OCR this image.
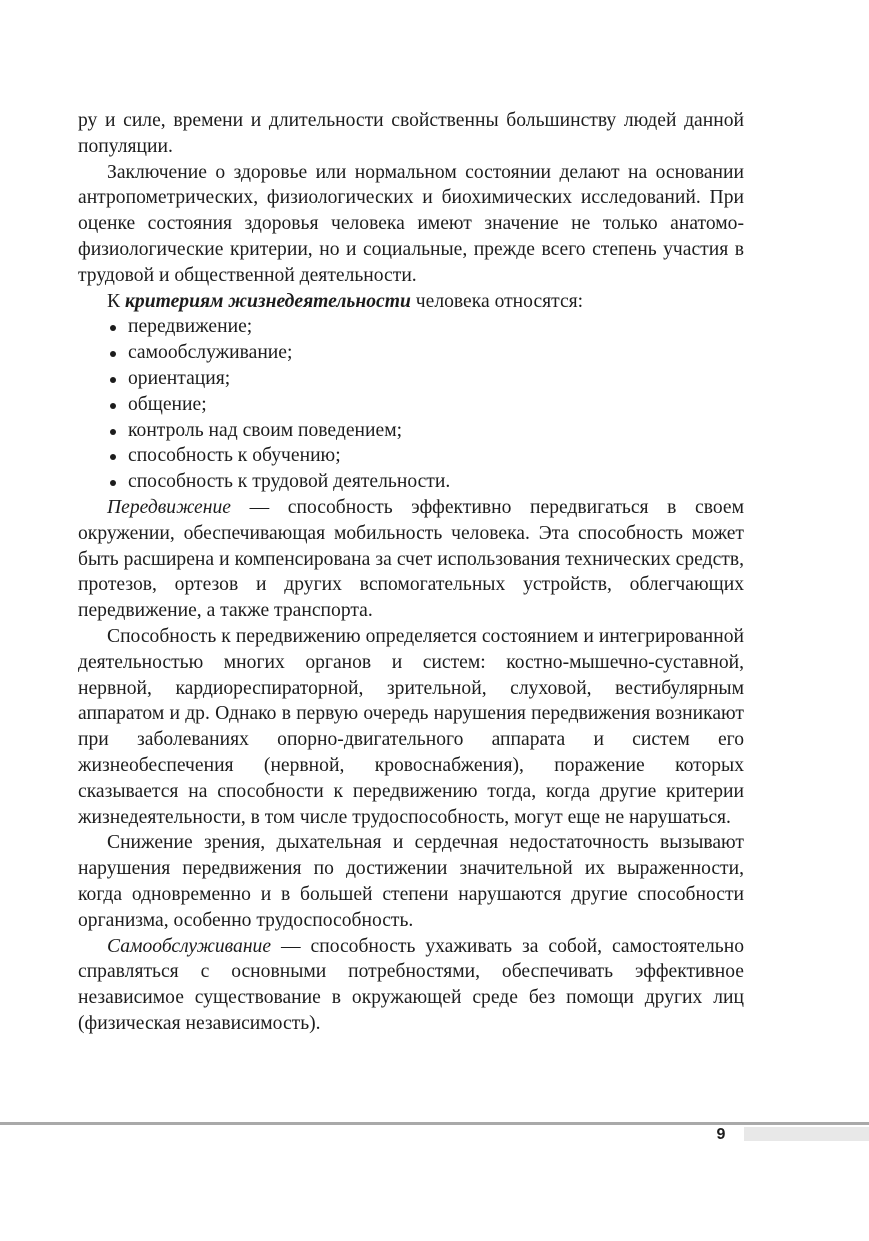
ру и силе, времени и длительности свойственны большинству людей данной популяции.

Заключение о здоровье или нормальном состоянии делают на основании антропометрических, физиологических и биохимических исследований. При оценке состояния здоровья человека имеют значение не только анатомо-физиологические критерии, но и социальные, прежде всего степень участия в трудовой и общественной деятельности.

К критериям жизнедеятельности человека относятся:

передвижение;
самообслуживание;
ориентация;
общение;
контроль над своим поведением;
способность к обучению;
способность к трудовой деятельности.

Передвижение — способность эффективно передвигаться в своем окружении, обеспечивающая мобильность человека. Эта способность может быть расширена и компенсирована за счет использования технических средств, протезов, ортезов и других вспомогательных устройств, облегчающих передвижение, а также транспорта.

Способность к передвижению определяется состоянием и интегрированной деятельностью многих органов и систем: костно-мышечно-суставной, нервной, кардиореспираторной, зрительной, слуховой, вестибулярным аппаратом и др. Однако в первую очередь нарушения передвижения возникают при заболеваниях опорно-двигательного аппарата и систем его жизнеобеспечения (нервной, кровоснабжения), поражение которых сказывается на способности к передвижению тогда, когда другие критерии жизнедеятельности, в том числе трудоспособность, могут еще не нарушаться.

Снижение зрения, дыхательная и сердечная недостаточность вызывают нарушения передвижения по достижении значительной их выраженности, когда одновременно и в большей степени нарушаются другие способности организма, особенно трудоспособность.

Самообслуживание — способность ухаживать за собой, самостоятельно справляться с основными потребностями, обеспечивать эффективное независимое существование в окружающей среде без помощи других лиц (физическая независимость).

9
